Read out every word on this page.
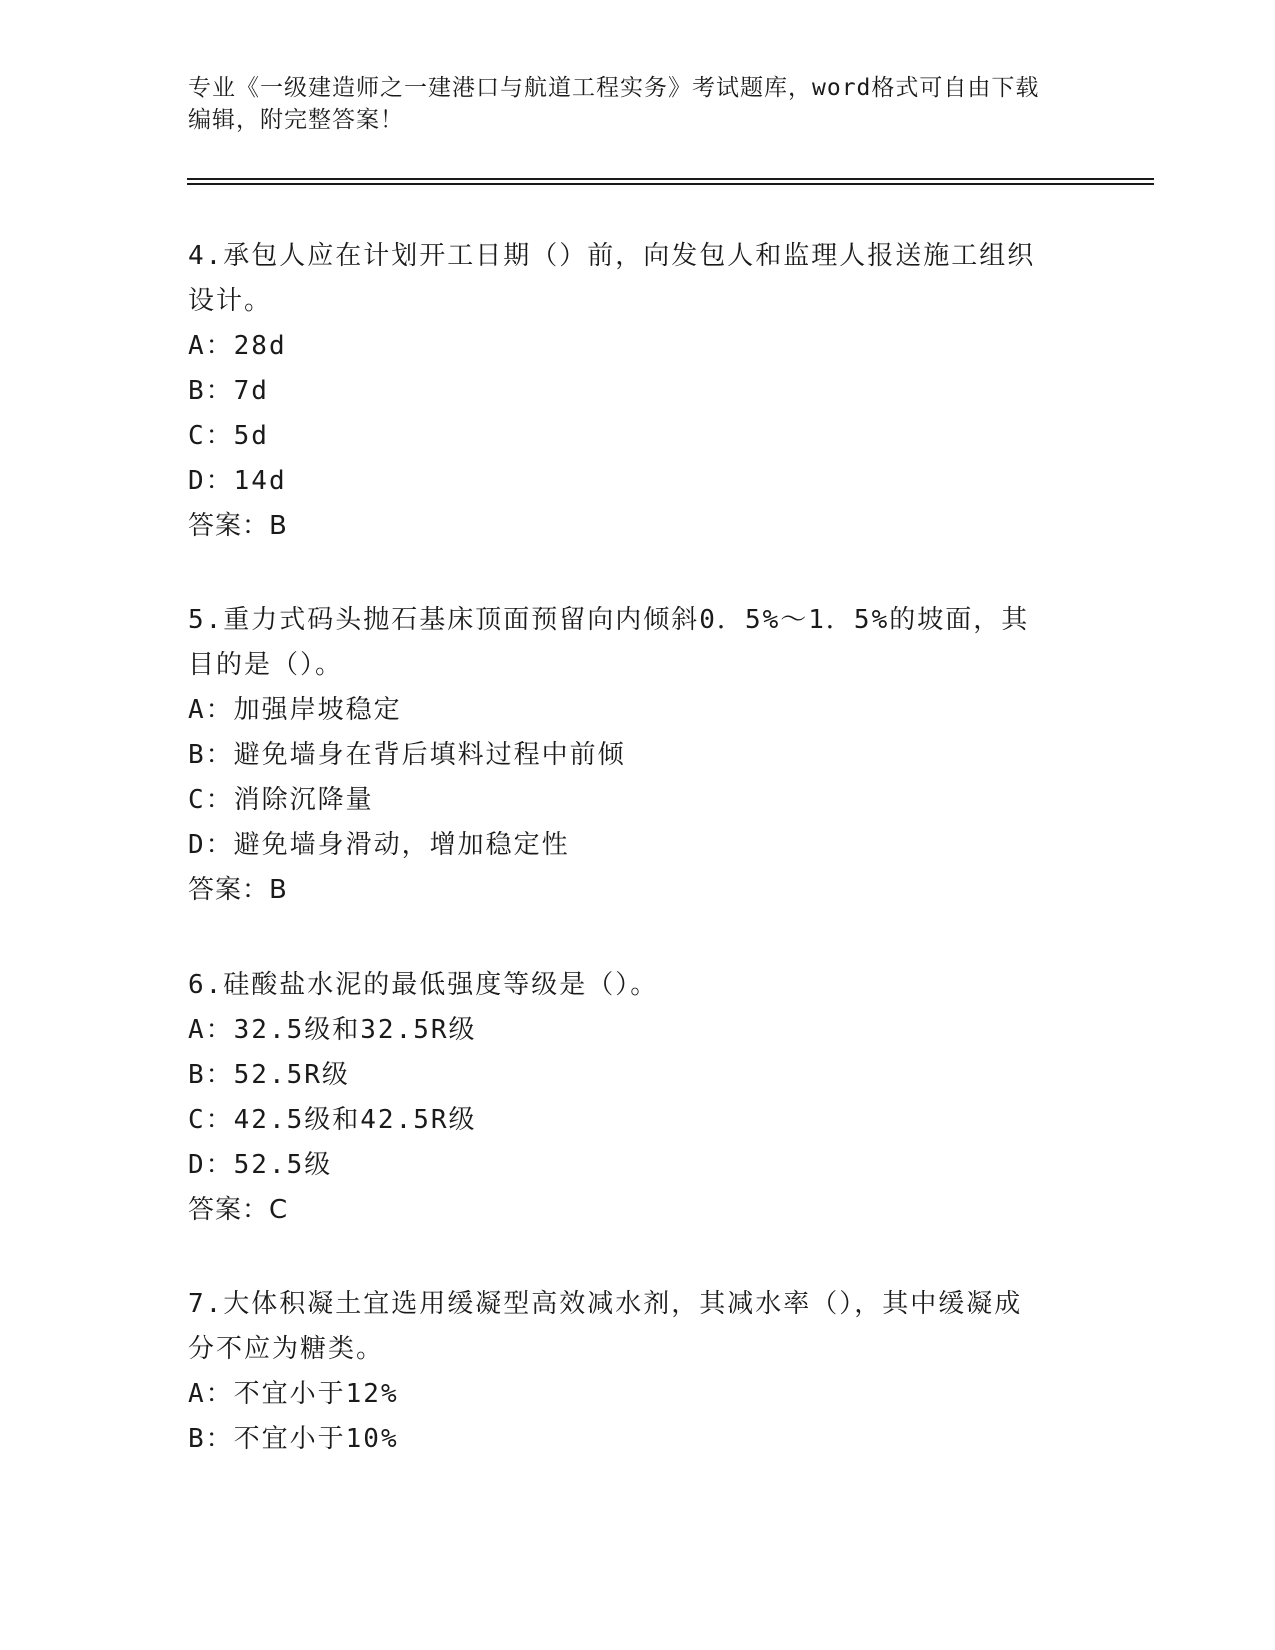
专业《一级建造师之一建港口与航道工程实务》考试题库，word格式可自由下载
编辑，附完整答案！

4.承包人应在计划开工日期（）前，向发包人和监理人报送施工组织

设计。

A：28d

B：7d

C：5d

D：14d

答案：B

5.重力式码头抛石基床顶面预留向内倾斜0．5%～1．5%的坡面，其

目的是（）。

A：加强岸坡稳定

B：避免墙身在背后填料过程中前倾

C：消除沉降量

D：避免墙身滑动，增加稳定性

答案：B

6.硅酸盐水泥的最低强度等级是（）。

A：32.5级和32.5R级

B：52.5R级

C：42.5级和42.5R级

D：52.5级

答案：C

7.大体积凝土宜选用缓凝型高效减水剂，其减水率（），其中缓凝成

分不应为糖类。

A：不宜小于12%

B：不宜小于10%
